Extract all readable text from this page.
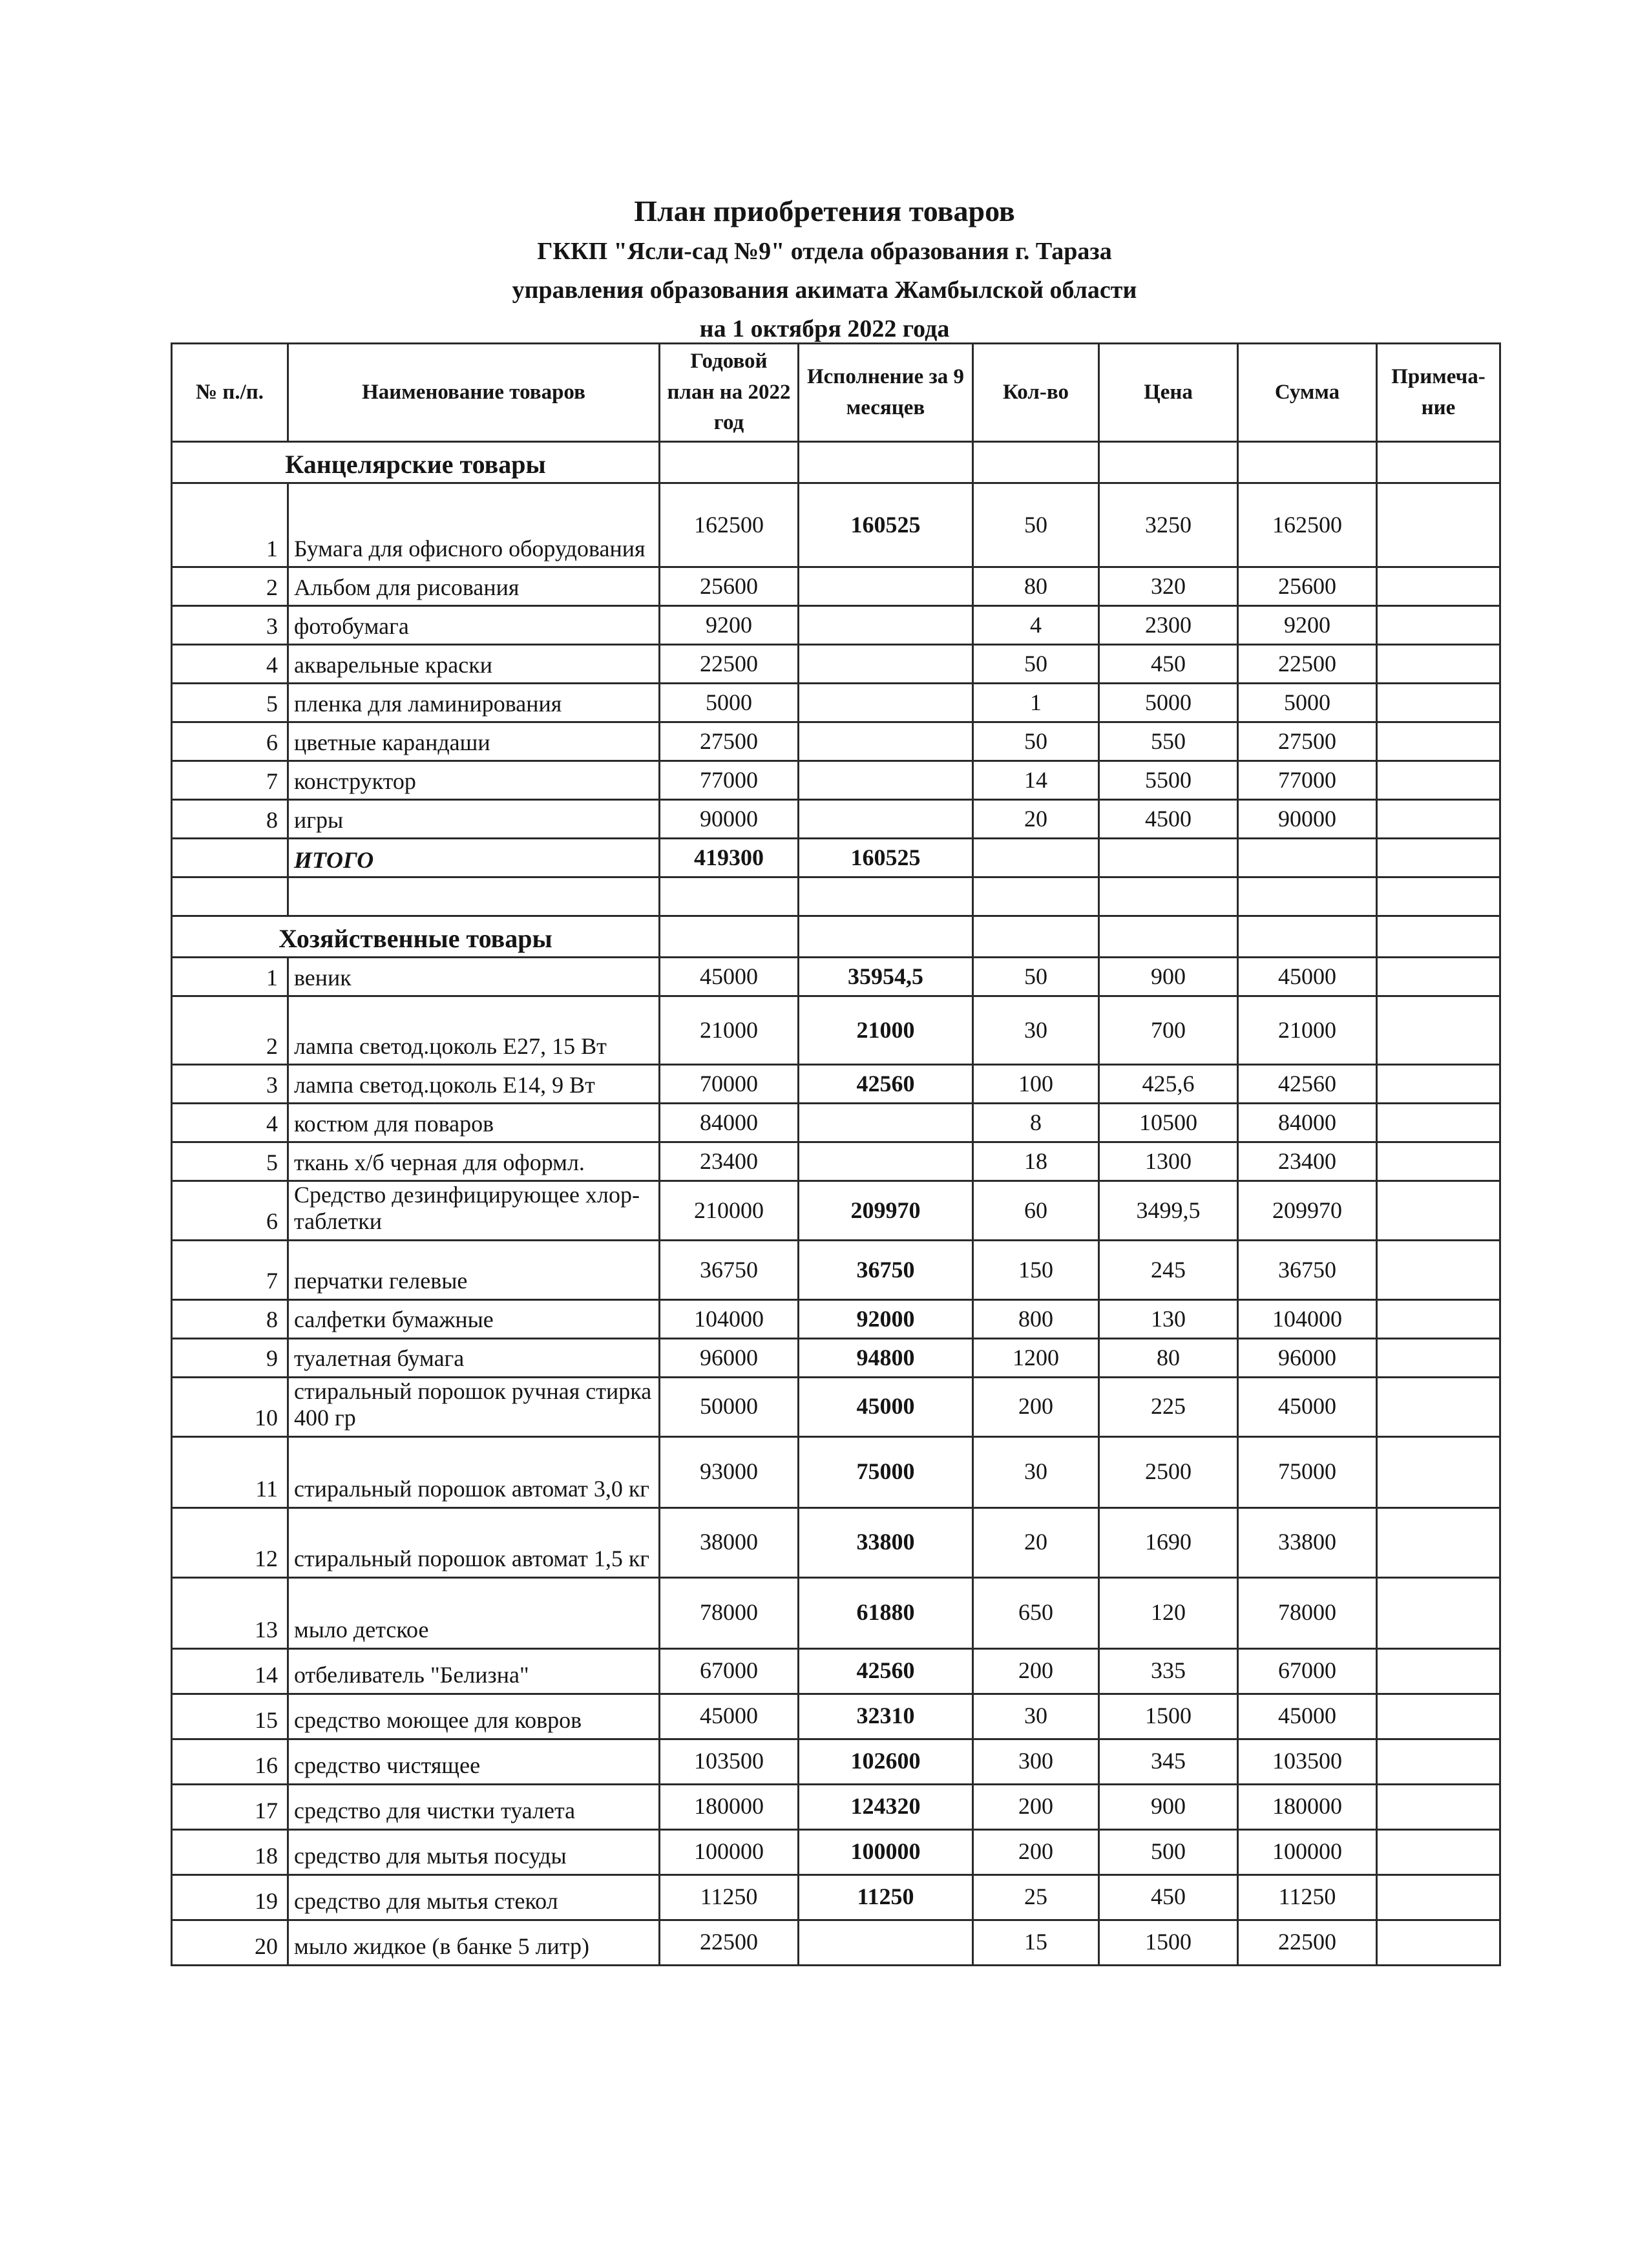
План приобретения товаров
ГККП "Ясли-сад №9" отдела образования г. Тараза
управления образования акимата Жамбылской области
на 1 октября 2022 года
№ п./п.	Наименование товаров	Годовой план на 2022 год	Исполнение за 9 месяцев	Кол-во	Цена	Сумма	Примеча-ние
Канцелярские товары							
1	Бумага для офисного оборудования	162500	160525	50	3250	162500	
2	Альбом для рисования	25600		80	320	25600	
3	фотобумага	9200		4	2300	9200	
4	акварельные краски	22500		50	450	22500	
5	пленка для ламинирования	5000		1	5000	5000	
6	цветные карандаши	27500		50	550	27500	
7	конструктор	77000		14	5500	77000	
8	игры	90000		20	4500	90000	
	ИТОГО	419300	160525				

Хозяйственные товары							
1	веник	45000	35954,5	50	900	45000	
2	лампа светод.цоколь Е27, 15 Вт	21000	21000	30	700	21000	
3	лампа светод.цоколь Е14, 9 Вт	70000	42560	100	425,6	42560	
4	костюм для поваров	84000		8	10500	84000	
5	ткань х/б черная для оформл.	23400		18	1300	23400	
6	Средство дезинфицирующее хлор-таблетки	210000	209970	60	3499,5	209970	
7	перчатки гелевые	36750	36750	150	245	36750	
8	салфетки бумажные	104000	92000	800	130	104000	
9	туалетная бумага	96000	94800	1200	80	96000	
10	стиральный порошок ручная стирка 400 гр	50000	45000	200	225	45000	
11	стиральный порошок автомат 3,0 кг	93000	75000	30	2500	75000	
12	стиральный порошок автомат 1,5 кг	38000	33800	20	1690	33800	
13	мыло детское	78000	61880	650	120	78000	
14	отбеливатель "Белизна"	67000	42560	200	335	67000	
15	средство моющее для ковров	45000	32310	30	1500	45000	
16	средство чистящее	103500	102600	300	345	103500	
17	средство для чистки туалета	180000	124320	200	900	180000	
18	средство для мытья посуды	100000	100000	200	500	100000	
19	средство для мытья стекол	11250	11250	25	450	11250	
20	мыло жидкое (в банке 5 литр)	22500		15	1500	22500	
